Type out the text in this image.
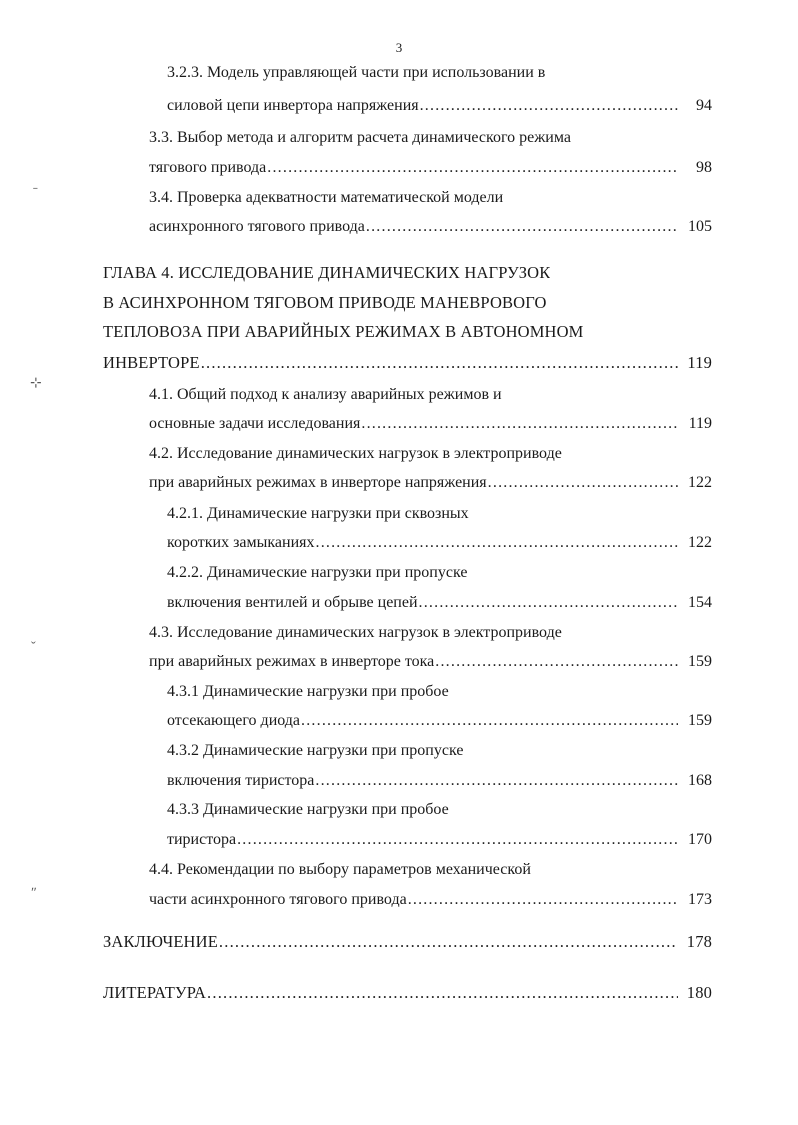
3
3.2.3. Модель управляющей части при использовании в
силовой цепи инвертора напряжения .....	94
3.3. Выбор метода и алгоритм расчета динамического режима
тягового привода .....	98
3.4. Проверка адекватности математической модели
асинхронного тягового привода .....	105
ГЛАВА 4. ИССЛЕДОВАНИЕ ДИНАМИЧЕСКИХ НАГРУЗОК
В АСИНХРОННОМ ТЯГОВОМ ПРИВОДЕ МАНЕВРОВОГО
ТЕПЛОВОЗА ПРИ АВАРИЙНЫХ РЕЖИМАХ В АВТОНОМНОМ
ИНВЕРТОРЕ .....	119
4.1. Общий подход к анализу аварийных режимов и
основные задачи исследования .....	119
4.2. Исследование динамических нагрузок в электроприводе
при аварийных режимах в инверторе напряжения .....	122
4.2.1. Динамические нагрузки при сквозных
коротких замыканиях .....	122
4.2.2. Динамические нагрузки при пропуске
включения вентилей и обрыве цепей .....	154
4.3. Исследование динамических нагрузок в электроприводе
при аварийных режимах в инверторе тока .....	159
4.3.1 Динамические нагрузки при пробое
отсекающего диода .....	159
4.3.2 Динамические нагрузки при пропуске
включения тиристора .....	168
4.3.3 Динамические нагрузки при пробое
тиристора .....	170
4.4. Рекомендации по выбору параметров механической
части асинхронного тягового привода .....	173
ЗАКЛЮЧЕНИЕ .....	178
ЛИТЕРАТУРА .....	180
˗
⊹
ˇ
ʺ
